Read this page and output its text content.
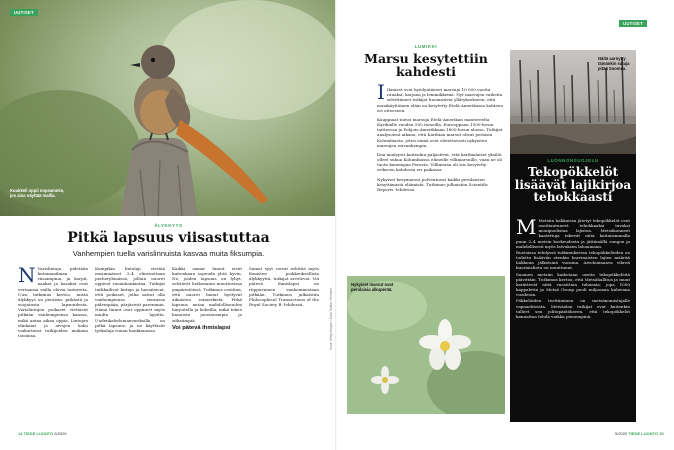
UUTISET
Kuukkeli oppii nopeammin, jos aina näyttää mallia.
ÄLYKKYYS
Pitkä lapsuus viisastuttaa
Vanhempien tuella varislinnuista kasvaa muita fiksumpia.
N Varislintuja pidetään lintumaailman viisaimpina, ja korpit, naakat ja harakat ovat vertaansa vailla olevia taitureita. Uusi tutkimus kertoo, mistä älykkyys on peräisin: pitkästä ja suojatusta lapsuudesta. Varislintujen poikaset viettävät pitkään vanhempiensa kanssa, mikä antaa aikaa oppia. Lintujen elinkaari ja aivojen koko vaikuttavat tutkijoiden mukaan toisiinsa.

Kumpikin lintulaji viettää ensimmäiset 3–4 elinvuottaan perheryhmässä, jolloin nuoret oppivat ruuanhankintaa. Tutkijat tarkkailivat lintuja ja havaitsivat, että poikaset, jotka saivat olla vanhempiensa seurassa pidempään, pärjäsivät paremmin. Nämä linnut ovat oppineet myös muilta lajeilta. Uudenkaledonianvariksilla on pitkä lapsuus, ja ne käyttävät työkaluja ruuan hankinnassa.

Kaikki samat linnut eivät kuitenkaan sopeudu yhtä hyvin. Ne, joiden lapsuus on lyhyt, selviävät heikommin muuttuvissa ympäristöissä. Tutkimus osoittaa, että nuoret linnut hyötyvät aikuisten esimerkistä. Pitkä lapsuus antaa mahdollisuuden harjoitella ja kokeilla, mikä tekee linnuista joustavampia ja sitkeämpiä.

Voi pätevä ihmislapsi

Samat syyt voivat selittää myös ihmisten poikkeuksellista älykkyyttä, tutkijat arvelevat. Voi pätevä ihmislapsi on riippuvainen vanhemmistaan pitkään. Tutkimus julkaistiin Philosophical Transactions of the Royal Society B -lehdessä.	Kuva: Getty Images / Juan Tarkka / Moment
14 TIEDE LUONTO 5/2020
UUTISET
LUMIKKI
Marsu kesytettiin kahdesti
I Ihmiset ovat hyödyntäneet marsuja 10 000 vuotta ruuaksi, karjana ja lemmikkeinä. Nyt marsujen vaiheita selvittäneet tutkijat huomasivat yllätyksekseen, että monikäyttöinen eläin on kesytetty Etelä-Amerikassa kahteen eri otteeseen.

Kauppiaat toivat marsuja Etelä-Amerikan mantereelta Karibialle vuoden 500 tienoilla. Eurooppaan 1500-luvun taitteessa ja Pohjois-Amerikkaan 1800-luvun alussa. Tutkijat analysoivat aikaan, että Karibian marsut olivat peräisin Kolumbiasta, joten nämä ovat oletettavasti nykyisten marsujen esivanhempia.

Dna-analyysit kuitenkin paljastivat, että karibialaiset yksilöt olleet sukua Kolumbiassa eläneille villimarsuille, vaan ne oli tuotu kauempaa Perusta. Villimarsu oli siis kesytetty erikseen kahdessa eri paikassa.

Nykyiset kesymarsut polveutuvat kaikki perulaisten kesyttämistä eläimistä. Tutkimus julkaistiin Scientific Reports -lehdessä.

Nykyiset marsut ovat perulaisia alkuperää.
Näitä aarnytty tämänkin sataja pitää Suomea.
LUONNONSUOJELU
Tekopökkelöt lisäävät lajikirjoa tehokkaasti
M Metsiin hakkuissa jätetyt tekopökkelöt ovat osoittautuneet tehokkaaksi tavaksi monipuolistaa lajistoa. Metsäkonneet kaatettuja tekevät niitä kaitaisimmalla puun 2–4 metrin korkeudesta ja jättämällä rungon ja mahdollisesti myös latvuksen lahoamaan.

Ruotsissa tehdyssä tutkimuksessa tekopökkelöiden on todettu lisäävän etenkin harvinaisten lajien määrää hakkuun jälkeisinä vuosina. Aivohuimaava vihreä kuoriaislintu on muuttunut.

Suomen metsiin kaikotaan useita tekopökkelöitä päivittäin. Tutkimus kertoo, että Metsähallitus ja muut kerättevät niitä vuosittain tuhansia; jopa 1000 kappaletta ja Metsä Group puoli miljoonaa kuluvana vuodessa.

Pökkelöiden teettäminen on metsänomistajalle vapaaehtoista. Metsäalan tutkijat ovat kuitenkin tulleet sen johtopäätökseen, että tekopökkelöt kannattaa tehdä vaikka pienempinä.

5/2020 TIEDE LUONTO 15
